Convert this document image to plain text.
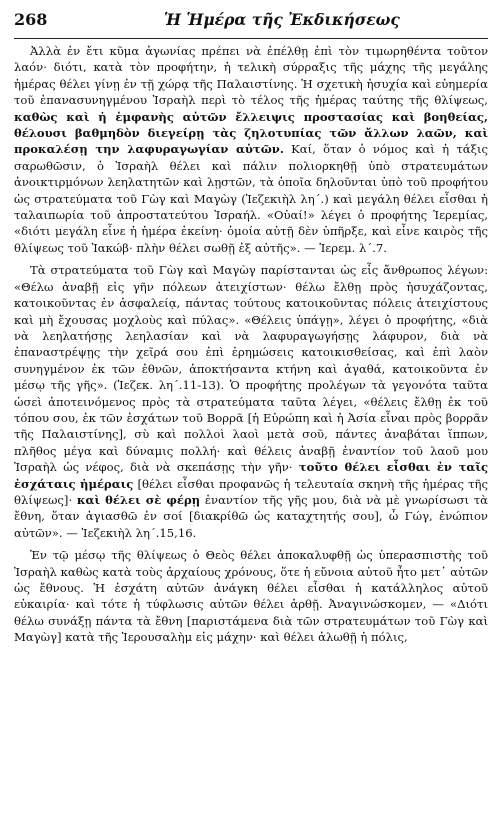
268	Ἡ Ἡμέρα τῆς Ἐκδικήσεως

Ἀλλὰ ἐν ἔτι κῦμα ἀγωνίας πρέπει νὰ ἐπέλθῃ ἐπὶ τὸν τιμωρηθέντα τοῦτον λαόν· διότι, κατὰ τὸν προφήτην, ἡ τελικὴ σύρραξις τῆς μάχης τῆς μεγάλης ἡμέρας θέλει γίνῃ ἐν τῇ χώρᾳ τῆς Παλαιστίνης. Ἡ σχετικὴ ἡσυχία καὶ εὐημερία τοῦ ἐπανασυνηγμένου Ἰσραὴλ περὶ τὸ τέλος τῆς ἡμέρας ταύτης τῆς θλίψεως, καθὼς καὶ ἡ ἐμφανὴς αὐτῶν ἔλλειψις προστασίας καὶ βοηθείας, θέλουσι βαθμηδὸν διεγείρῃ τὰς ζηλοτυπίας τῶν ἄλλων λαῶν, καὶ προκαλέσῃ την λαφυραγωγίαν αὐτῶν. Καί, ὅταν ὁ νόμος καὶ ἡ τάξις σαρωθῶσιν, ὁ Ἰσραὴλ θέλει καὶ πάλιν πολιορκηθῇ ὑπὸ στρατευμάτων ἀνοικτιρμόνων λεηλατητῶν καὶ λῃστῶν, τὰ ὁποῖα δηλοῦνται ὑπὸ τοῦ προφήτου ὡς στρατεύματα τοῦ Γὼγ καὶ Μαγὼγ (Ἰεζεκιὴλ λη΄.) καὶ μεγάλη θέλει εἶσθαι ἡ ταλαιπωρία τοῦ ἀπροστατεύτου Ἰσραήλ. «Οὐαί!» λέγει ὁ προφήτης Ἱερεμίας, «διότι μεγάλη εἶνε ἡ ἡμέρα ἐκείνη· ὁμοία αὐτῇ δὲν ὑπῆρξε, καὶ εἶνε καιρὸς τῆς θλίψεως τοῦ Ἰακώβ· πλὴν θέλει σωθῇ ἐξ αὐτῆς». — Ἱερεμ. λ΄.7.

Τὰ στρατεύματα τοῦ Γὼγ καὶ Μαγὼγ παρίστανται ὡς εἷς ἄνθρωπος λέγων: «Θέλω ἀναβῇ εἰς γῆν πόλεων ἀτειχίστων· θέλω ἔλθῃ πρὸς ἡσυχάζοντας, κατοικοῦντας ἐν ἀσφαλείᾳ, πάντας τούτους κατοικοῦντας πόλεις ἀτειχίστους καὶ μὴ ἔχουσας μοχλοὺς καὶ πύλας». «Θέλεις ὑπάγῃ», λέγει ὁ προφήτης, «διὰ νὰ λεηλατήσῃς λεηλασίαν καὶ νὰ λαφυραγωγήσῃς λάφυρον, διὰ νὰ ἐπαναστρέψῃς τὴν χεῖρά σου ἐπὶ ἐρημώσεις κατοικισθείσας, καὶ ἐπὶ λαὸν συνηγμένον ἐκ τῶν ἐθνῶν, ἀποκτήσαντα κτήνη καὶ ἀγαθά, κατοικοῦντα ἐν μέσῳ τῆς γῆς». (Ἰεζεκ. λη΄.11-13). Ὁ προφήτης προλέγων τὰ γεγονότα ταῦτα ὡσεὶ ἀποτεινόμενος πρὸς τὰ στρατεύματα ταῦτα λέγει, «θέλεις ἔλθῃ ἐκ τοῦ τόπου σου, ἐκ τῶν ἐσχάτων τοῦ Βορρᾶ [ἡ Εὐρώπη καὶ ἡ Ἀσία εἶναι πρὸς βορρᾶν τῆς Παλαιστίνης], σὺ καὶ πολλοὶ λαοὶ μετὰ σοῦ, πάντες ἀναβάται ἵππων, πλῆθος μέγα καὶ δύναμις πολλή· καὶ θέλεις ἀναβῇ ἐναντίον τοῦ λαοῦ μου Ἰσραὴλ ὡς νέφος, διὰ νὰ σκεπάσῃς τὴν γῆν· τοῦτο θέλει εἶσθαι ἐν ταῖς ἐσχάταις ἡμέραις [θέλει εἶσθαι προφανῶς ἡ τελευταία σκηνὴ τῆς ἡμέρας τῆς θλίψεως]· καὶ θέλει σὲ φέρῃ ἐναντίον τῆς γῆς μου, διὰ νὰ μὲ γνωρίσωσι τὰ ἔθνη, ὅταν ἁγιασθῶ ἐν σοί [διακρίθῶ ὡς καταχτητής σου], ὦ Γώγ, ἐνώπιον αὐτῶν». — Ἰεζεκιὴλ λη΄.15,16.

Ἐν τῷ μέσῳ τῆς θλίψεως ὁ Θεὸς θέλει ἀποκαλυφθῇ ὡς ὑπερασπιστὴς τοῦ Ἰσραὴλ καθὼς κατὰ τοὺς ἀρχαίους χρόνους, ὅτε ἡ εὔνοια αὐτοῦ ἦτο μετ᾽ αὐτῶν ὡς ἔθνους. Ἡ ἐσχάτη αὐτῶν ἀνάγκη θέλει εἶσθαι ἡ κατάλληλος αὐτοῦ εὐκαιρία· καὶ τότε ἡ τύφλωσις αὐτῶν θέλει ἀρθῇ. Ἀναγινώσκομεν, — «Διότι θέλω συνάξῃ πάντα τὰ ἔθνη [παριστάμενα διὰ τῶν στρατευμάτων τοῦ Γὼγ καὶ Μαγὼγ] κατὰ τῆς Ἱερουσαλὴμ εἰς μάχην· καὶ θέλει ἁλωθῇ ἡ πόλις,
